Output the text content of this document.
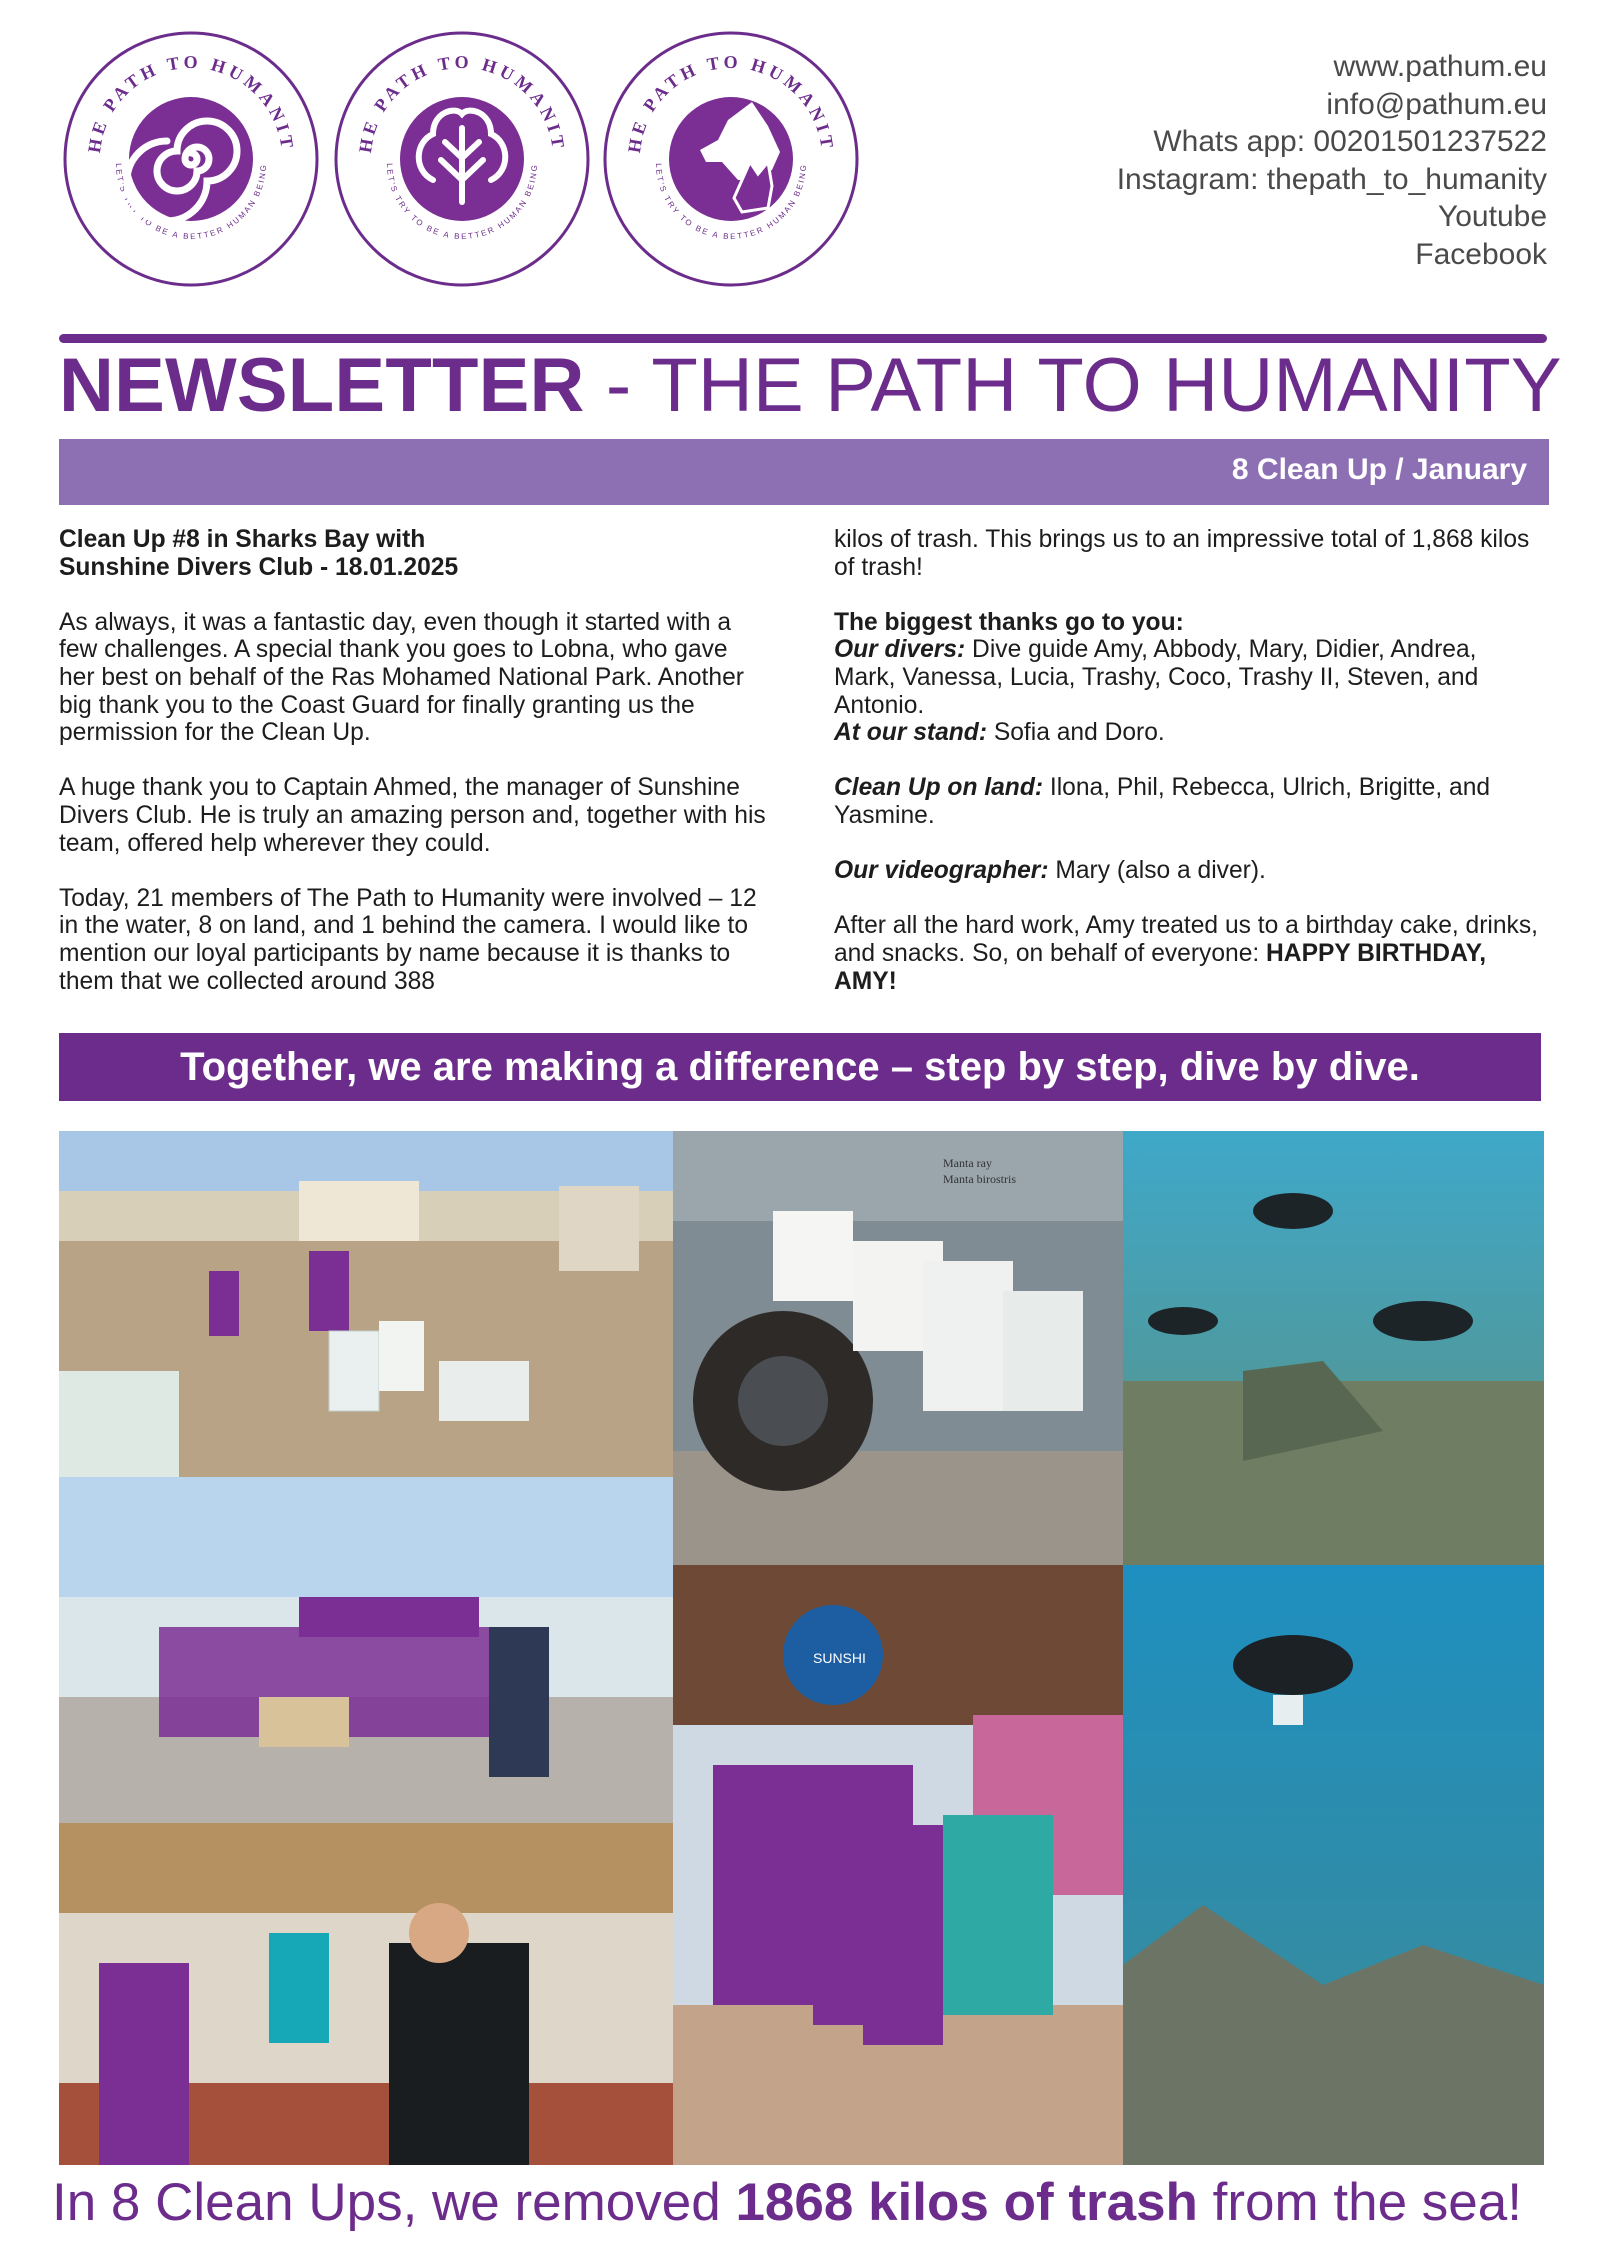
HE PATH TO HUMANIT
LET'S TRY TO BE A BETTER HUMAN BEING
HE PATH TO HUMANIT
LET'S TRY TO BE A BETTER HUMAN BEING
HE PATH TO HUMANIT
LET'S TRY TO BE A BETTER HUMAN BEING
www.pathum.eu
info@pathum.eu
Whats app: 00201501237522
Instagram: thepath_to_humanity
Youtube
Facebook
NEWSLETTER - THE PATH TO HUMANITY
8 Clean Up / January

Clean Up #8 in Sharks Bay with
Sunshine Divers Club - 18.01.2025

As always, it was a fantastic day, even though it started with a few challenges. A special thank you goes to Lobna, who gave her best on behalf of the Ras Mohamed National Park. Another big thank you to the Coast Guard for finally granting us the permission for the Clean Up.

A huge thank you to Captain Ahmed, the manager of Sunshine Divers Club. He is truly an amazing person and, together with his team, offered help wherever they could.

Today, 21 members of The Path to Humanity were involved – 12 in the water, 8 on land, and 1 behind the camera. I would like to mention our loyal participants by name because it is thanks to them that we collected around 388

kilos of trash. This brings us to an impressive total of 1,868 kilos of trash!

The biggest thanks go to you:
Our divers: Dive guide Amy, Abbody, Mary, Didier, Andrea, Mark, Vanessa, Lucia, Trashy, Coco, Trashy II, Steven, and Antonio.
At our stand: Sofia and Doro.

Clean Up on land: Ilona, Phil, Rebecca, Ulrich, Brigitte, and Yasmine.

Our videographer: Mary (also a diver).

After all the hard work, Amy treated us to a birthday cake, drinks, and snacks. So, on behalf of everyone: HAPPY BIRTHDAY, AMY!

Together, we are making a difference – step by step, dive by dive.
Manta ray
Manta birostris
SUNSHI
In 8 Clean Ups, we removed 1868 kilos of trash from the sea!
